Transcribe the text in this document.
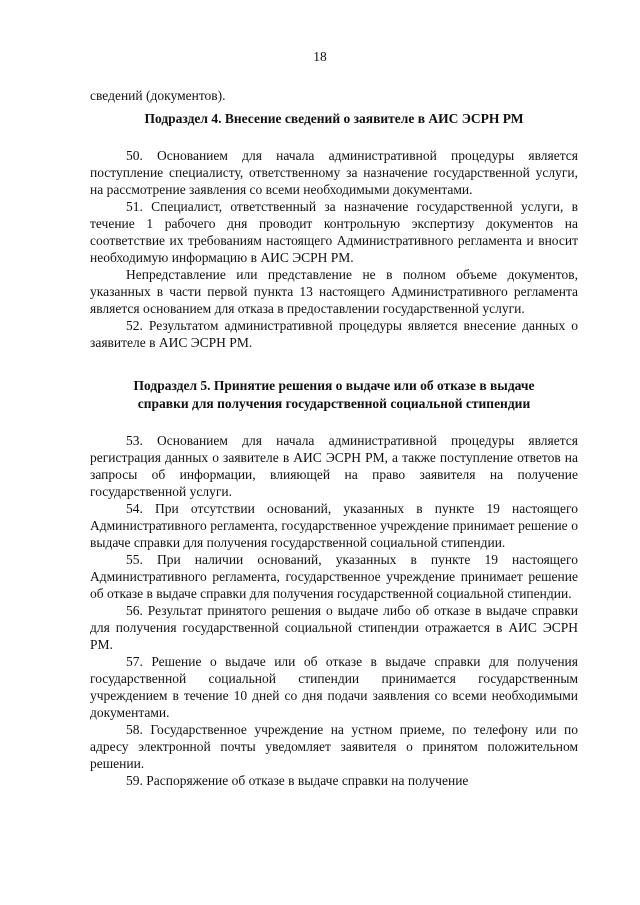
18

сведений (документов).

Подраздел 4. Внесение сведений о заявителе в АИС ЭСРН РМ

50. Основанием для начала административной процедуры является поступление специалисту, ответственному за назначение государственной услуги, на рассмотрение заявления со всеми необходимыми документами.

51. Специалист, ответственный за назначение государственной услуги, в течение 1 рабочего дня проводит контрольную экспертизу документов на соответствие их требованиям настоящего Административного регламента и вносит необходимую информацию в АИС ЭСРН РМ.

Непредставление или представление не в полном объеме документов, указанных в части первой пункта 13 настоящего Административного регламента является основанием для отказа в предоставлении государственной услуги.

52. Результатом административной процедуры является внесение данных о заявителе в АИС ЭСРН РМ.

Подраздел 5. Принятие решения о выдаче или об отказе в выдаче
справки для получения государственной социальной стипендии

53. Основанием для начала административной процедуры является регистрация данных о заявителе в АИС ЭСРН РМ, а также поступление ответов на запросы об информации, влияющей на право заявителя на получение государственной услуги.

54. При отсутствии оснований, указанных в пункте 19 настоящего Административного регламента, государственное учреждение принимает решение о выдаче справки для получения государственной социальной стипендии.

55. При наличии оснований, указанных в пункте 19 настоящего Административного регламента, государственное учреждение принимает решение об отказе в выдаче справки для получения государственной социальной стипендии.

56. Результат принятого решения о выдаче либо об отказе в выдаче справки для получения государственной социальной стипендии отражается в АИС ЭСРН РМ.

57. Решение о выдаче или об отказе в выдаче справки для получения государственной социальной стипендии принимается государственным учреждением в течение 10 дней со дня подачи заявления со всеми необходимыми документами.

58. Государственное учреждение на устном приеме, по телефону или по адресу электронной почты уведомляет заявителя о принятом положительном решении.

59. Распоряжение об отказе в выдаче справки на получение
